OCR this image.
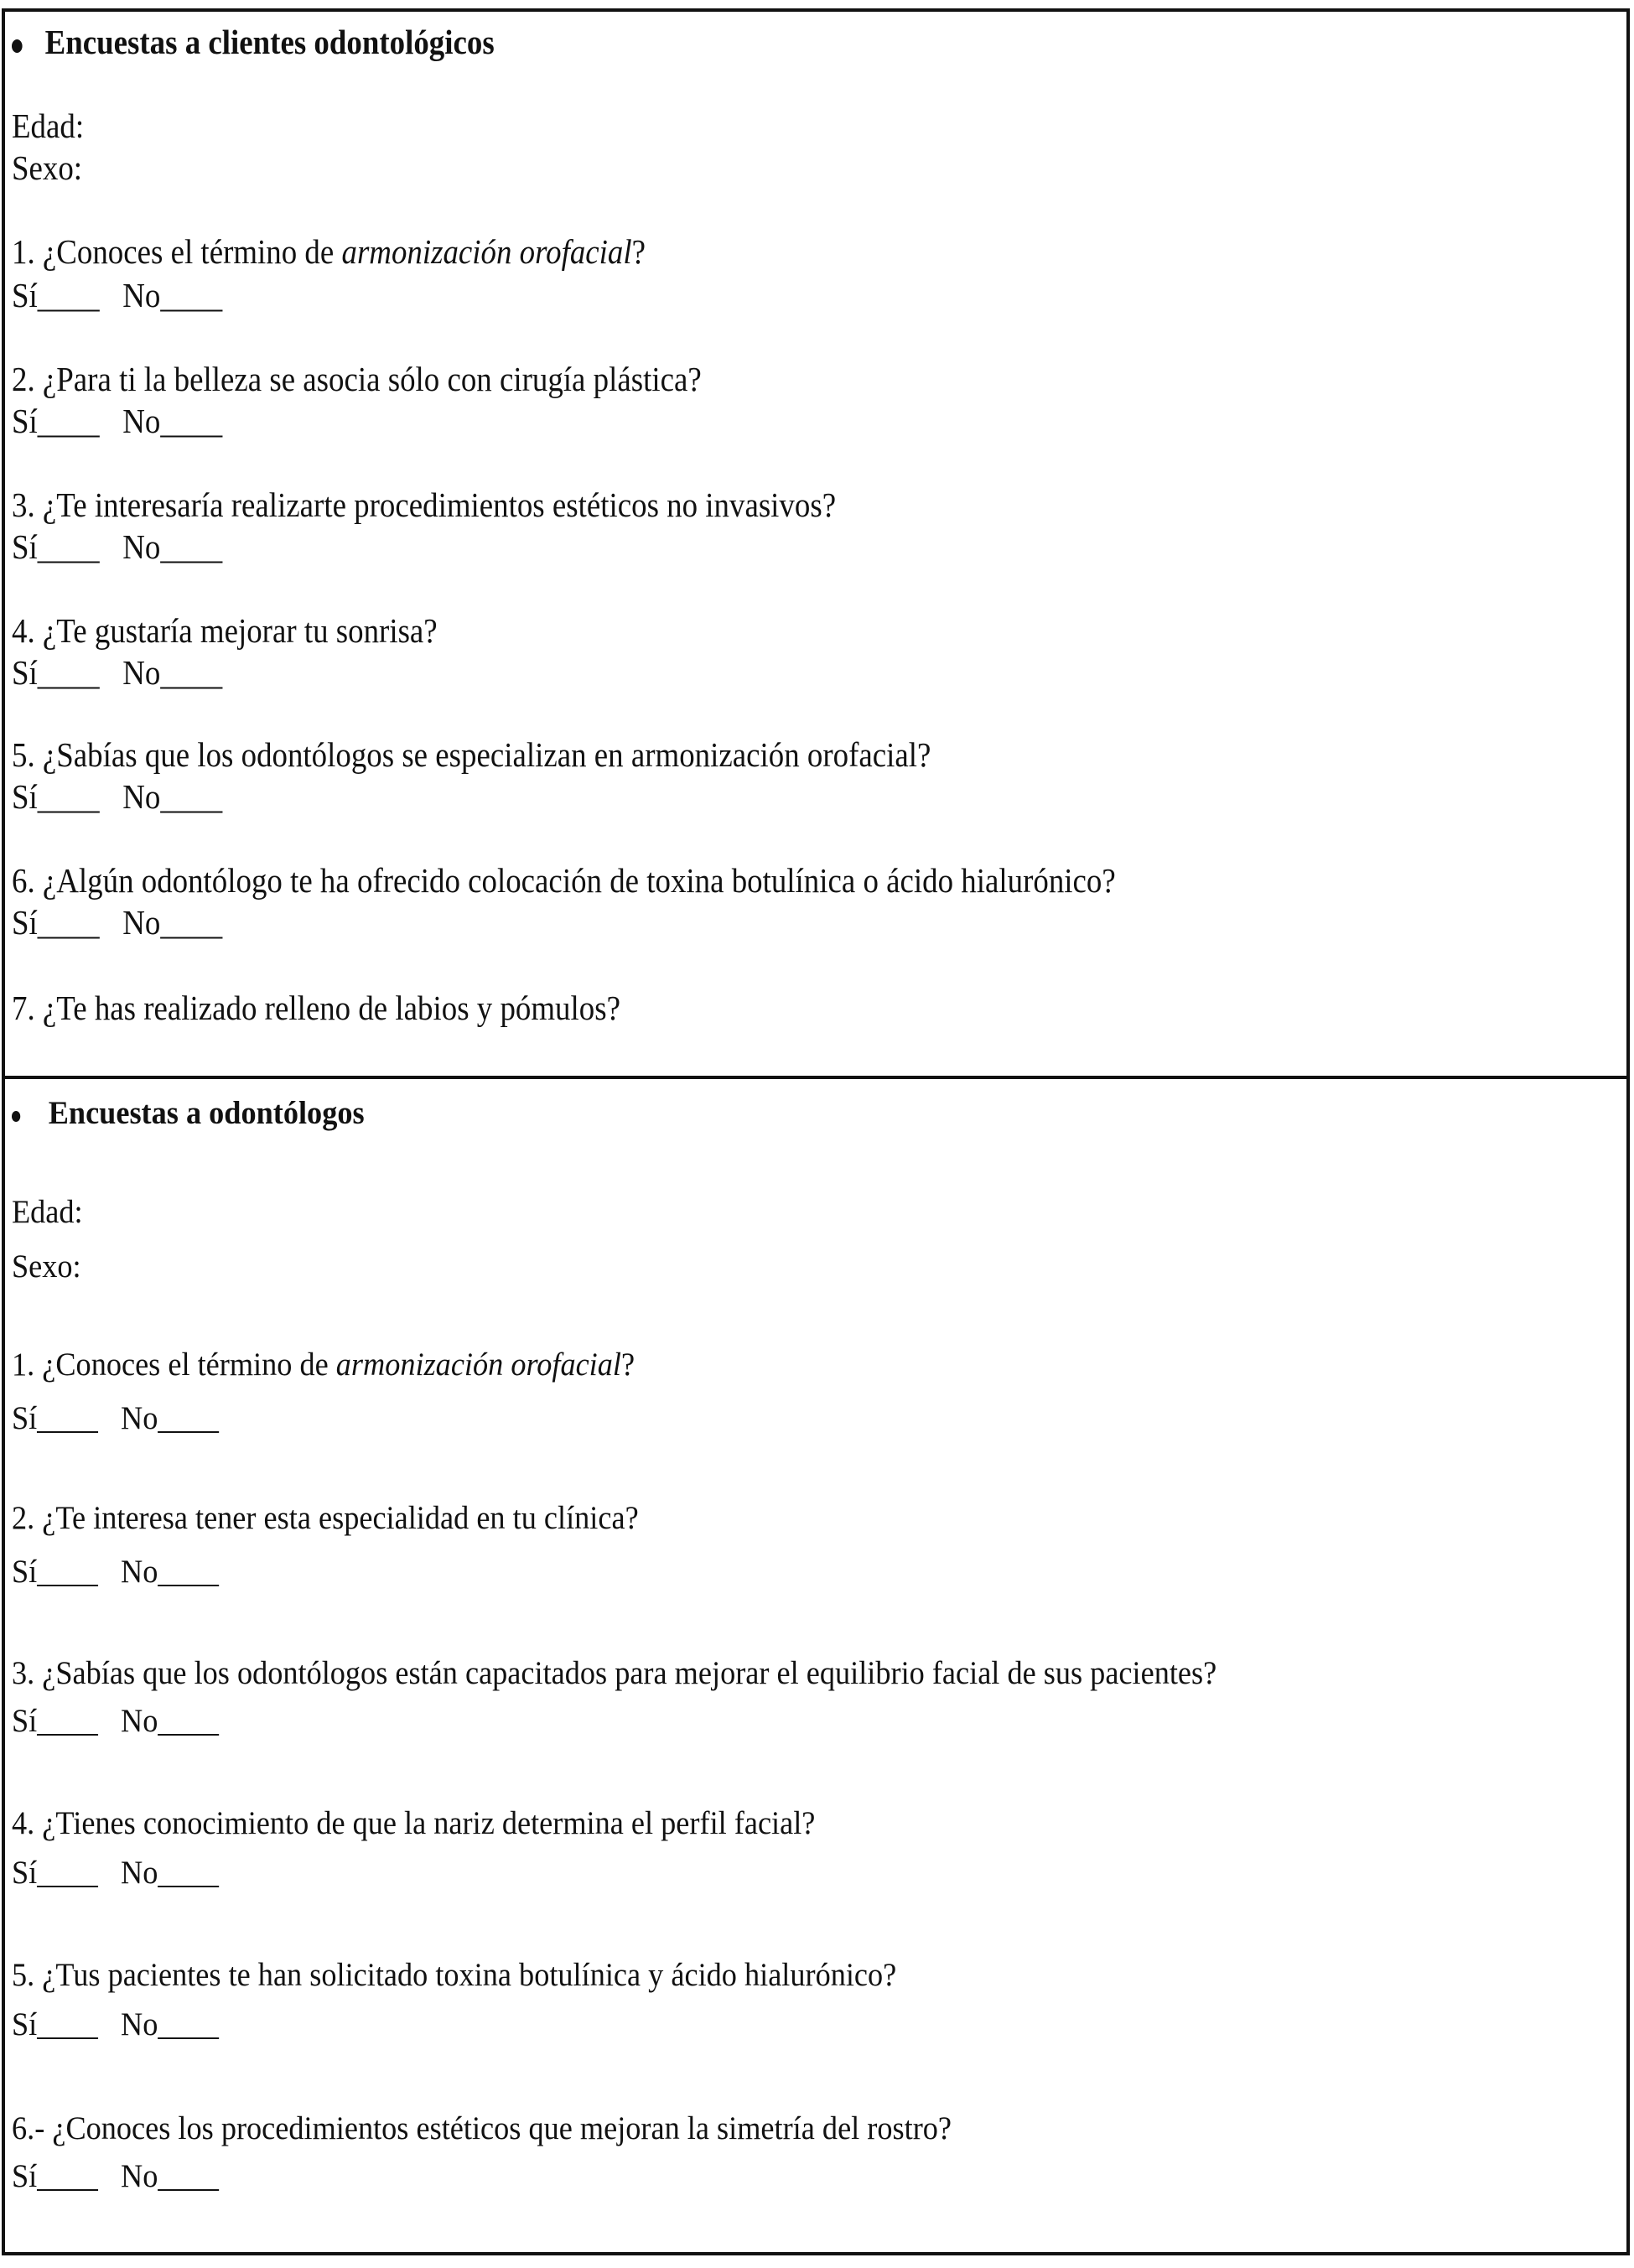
Encuestas a clientes odontológicos
Edad:
Sexo:
1. ¿Conoces el término de armonización orofacial?
Sí____ No____
2. ¿Para ti la belleza se asocia sólo con cirugía plástica?
Sí____ No____
3. ¿Te interesaría realizarte procedimientos estéticos no invasivos?
Sí____ No____
4. ¿Te gustaría mejorar tu sonrisa?
Sí____ No____
5. ¿Sabías que los odontólogos se especializan en armonización orofacial?
Sí____ No____
6. ¿Algún odontólogo te ha ofrecido colocación de toxina botulínica o ácido hialurónico?
Sí____ No____
7. ¿Te has realizado relleno de labios y pómulos?
Encuestas a odontólogos
Edad:
Sexo:
1. ¿Conoces el término de armonización orofacial?
Sí____ No____
2. ¿Te interesa tener esta especialidad en tu clínica?
Sí____ No____
3. ¿Sabías que los odontólogos están capacitados para mejorar el equilibrio facial de sus pacientes?
Sí____ No____
4. ¿Tienes conocimiento de que la nariz determina el perfil facial?
Sí____ No____
5. ¿Tus pacientes te han solicitado toxina botulínica y ácido hialurónico?
Sí____ No____
6.- ¿Conoces los procedimientos estéticos que mejoran la simetría del rostro?
Sí____ No____
